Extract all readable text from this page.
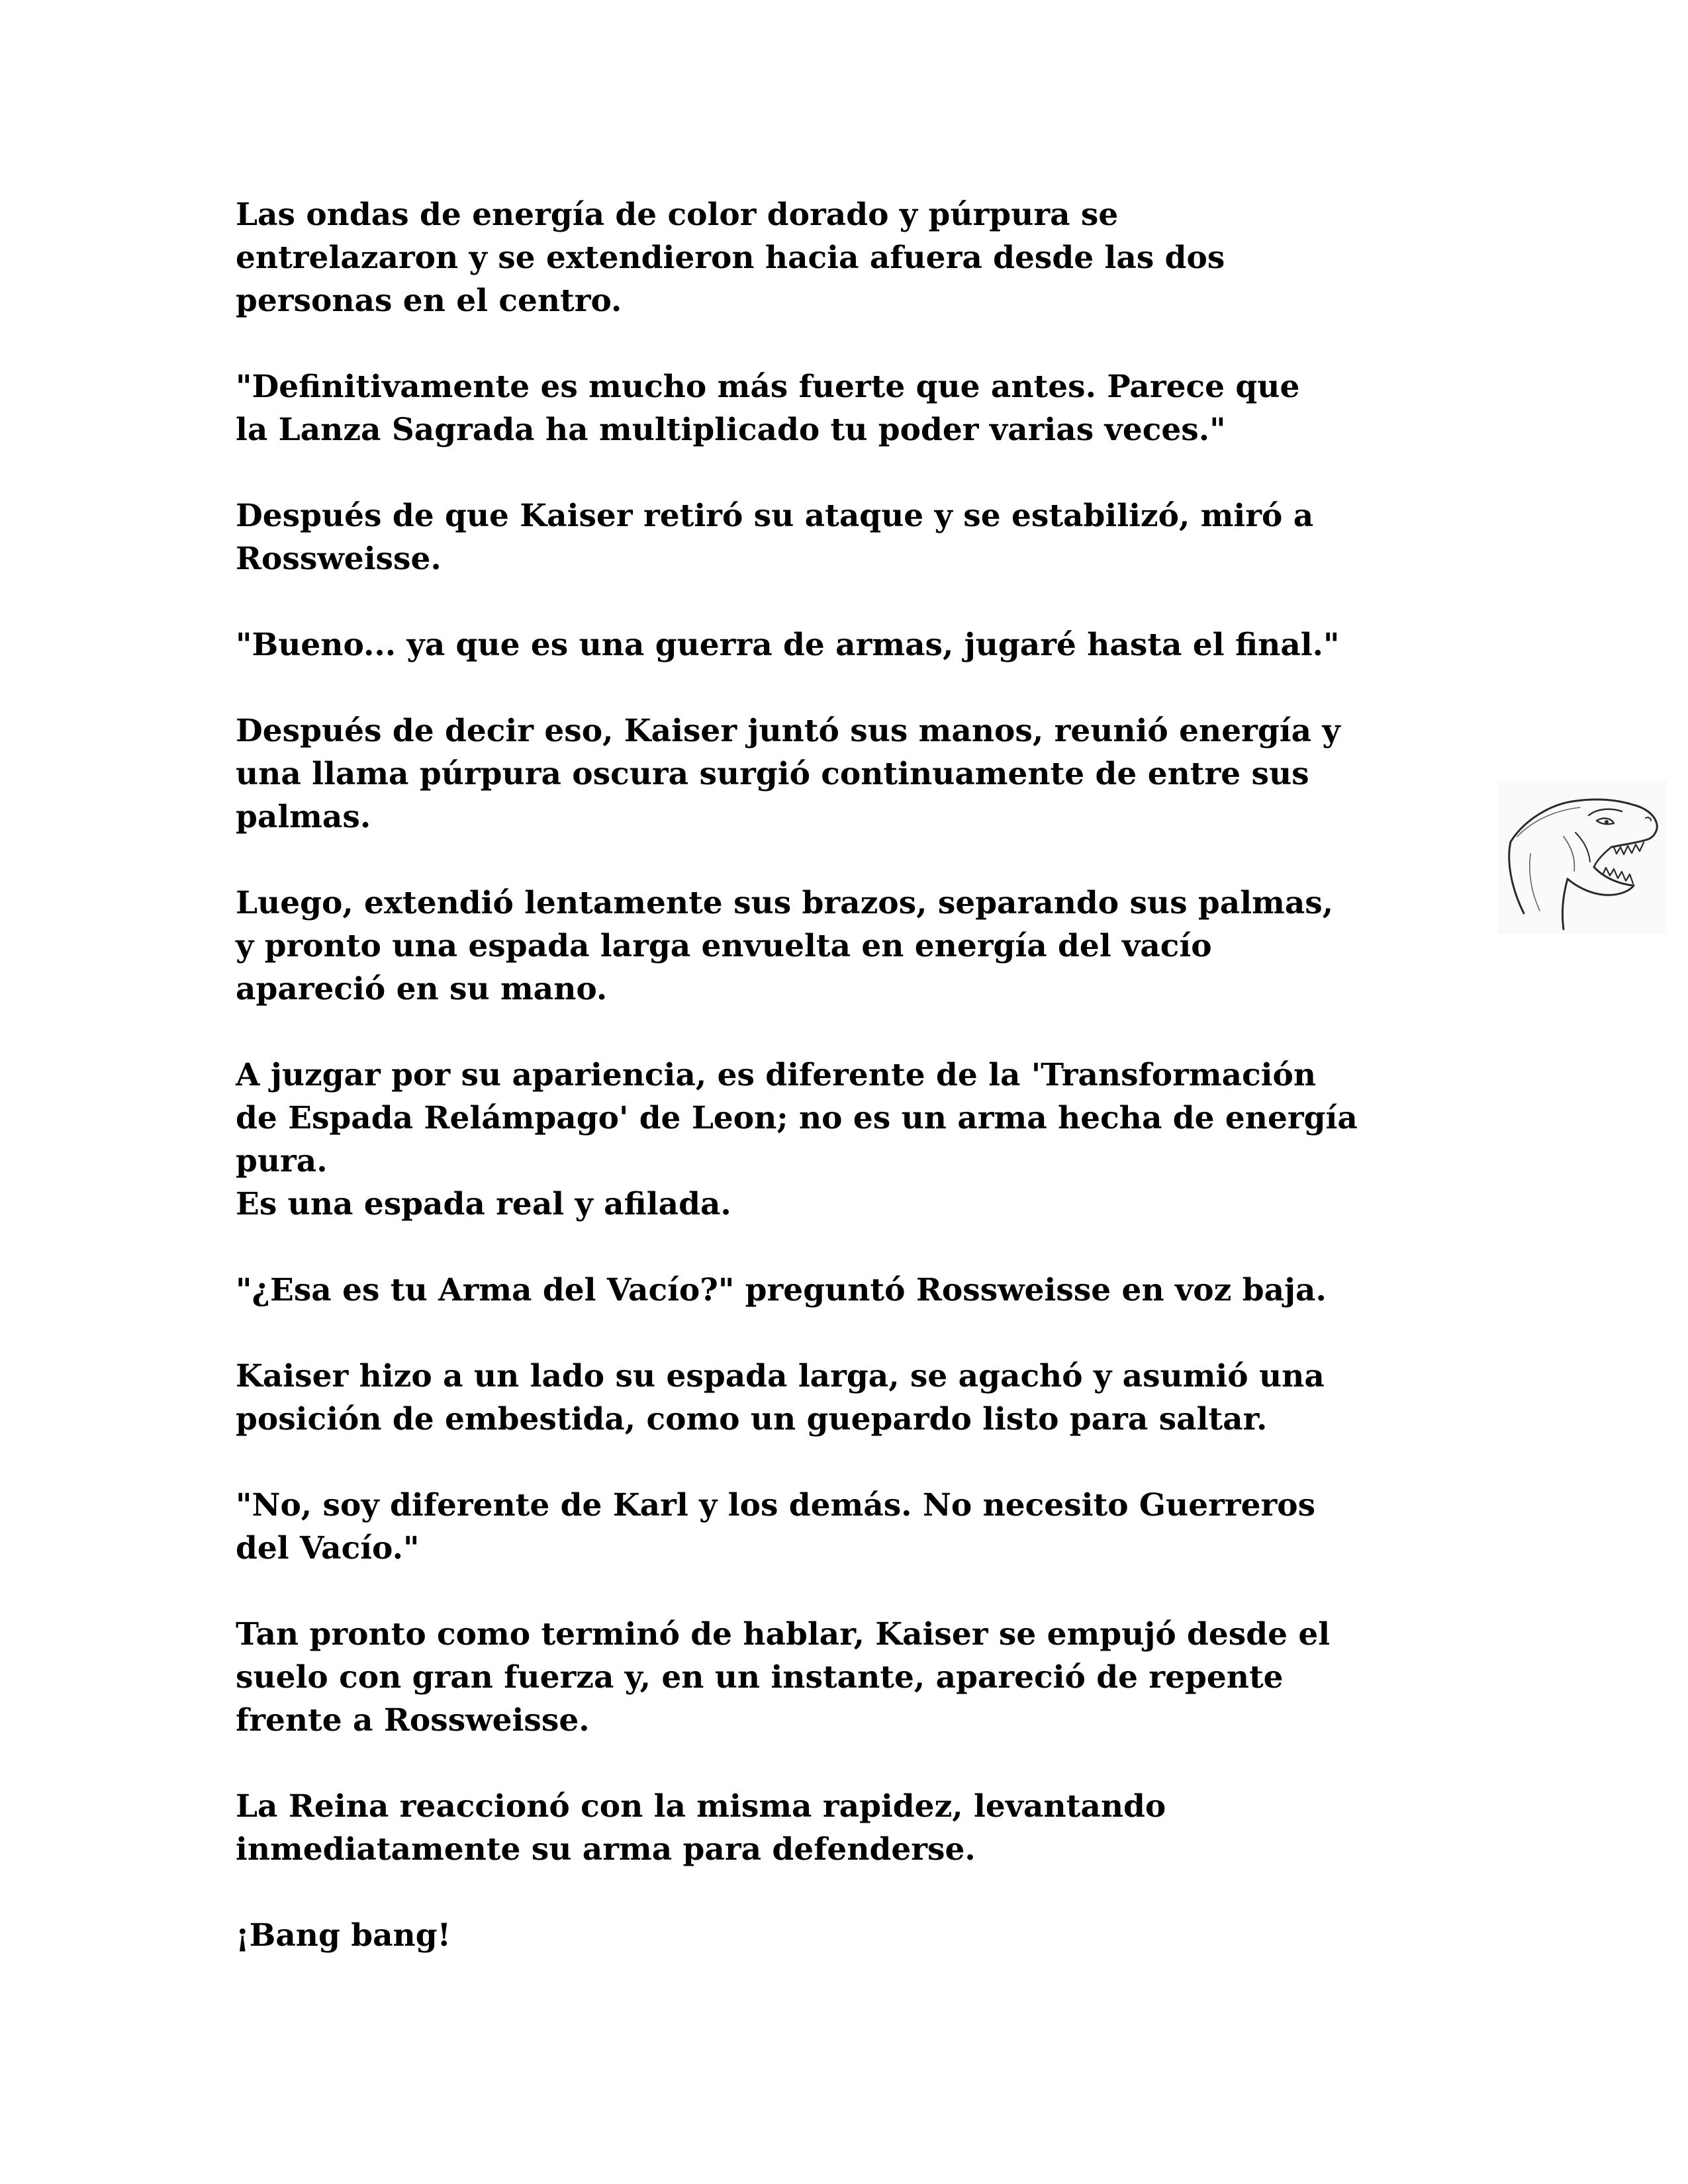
Las ondas de energía de color dorado y púrpura se
entrelazaron y se extendieron hacia afuera desde las dos
personas en el centro.

"Definitivamente es mucho más fuerte que antes. Parece que
la Lanza Sagrada ha multiplicado tu poder varias veces."

Después de que Kaiser retiró su ataque y se estabilizó, miró a
Rossweisse.

"Bueno... ya que es una guerra de armas, jugaré hasta el final."

Después de decir eso, Kaiser juntó sus manos, reunió energía y
una llama púrpura oscura surgió continuamente de entre sus
palmas.

Luego, extendió lentamente sus brazos, separando sus palmas,
y pronto una espada larga envuelta en energía del vacío
apareció en su mano.

A juzgar por su apariencia, es diferente de la 'Transformación
de Espada Relámpago' de Leon; no es un arma hecha de energía
pura.
Es una espada real y afilada.

"¿Esa es tu Arma del Vacío?" preguntó Rossweisse en voz baja.

Kaiser hizo a un lado su espada larga, se agachó y asumió una
posición de embestida, como un guepardo listo para saltar.

"No, soy diferente de Karl y los demás. No necesito Guerreros
del Vacío."

Tan pronto como terminó de hablar, Kaiser se empujó desde el
suelo con gran fuerza y, en un instante, apareció de repente
frente a Rossweisse.

La Reina reaccionó con la misma rapidez, levantando
inmediatamente su arma para defenderse.

¡Bang bang!
